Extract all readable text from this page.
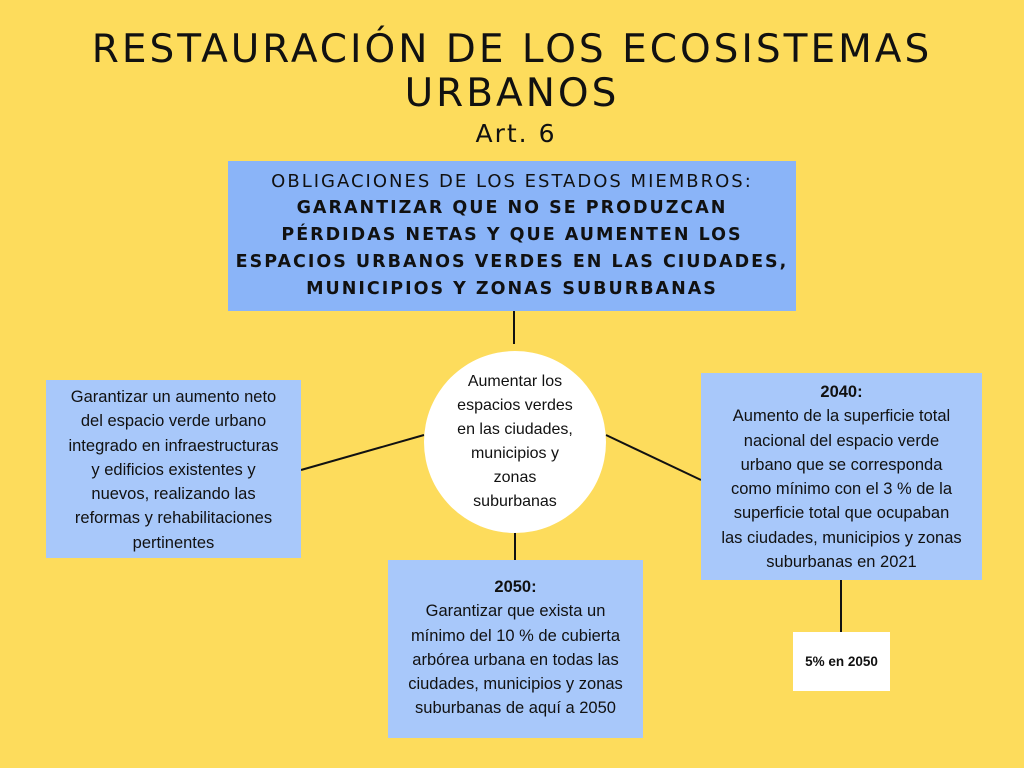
RESTAURACIÓN DE LOS ECOSISTEMAS URBANOS
Art. 6
OBLIGACIONES DE LOS ESTADOS MIEMBROS:
GARANTIZAR QUE NO SE PRODUZCAN
PÉRDIDAS NETAS Y QUE AUMENTEN LOS
ESPACIOS URBANOS VERDES EN LAS CIUDADES,
MUNICIPIOS Y ZONAS SUBURBANAS
Aumentar los
espacios verdes
en las ciudades,
municipios y
zonas
suburbanas
Garantizar un aumento neto
del espacio verde urbano
integrado en infraestructuras
y edificios existentes y
nuevos, realizando las
reformas y rehabilitaciones
pertinentes
2040:
Aumento de la superficie total
nacional del espacio verde
urbano que se corresponda
como mínimo con el 3 % de la
superficie total que ocupaban
las ciudades, municipios y zonas
suburbanas en 2021
2050:
Garantizar que exista un
mínimo del 10 % de cubierta
arbórea urbana en todas las
ciudades, municipios y zonas
suburbanas de aquí a 2050
5% en 2050
